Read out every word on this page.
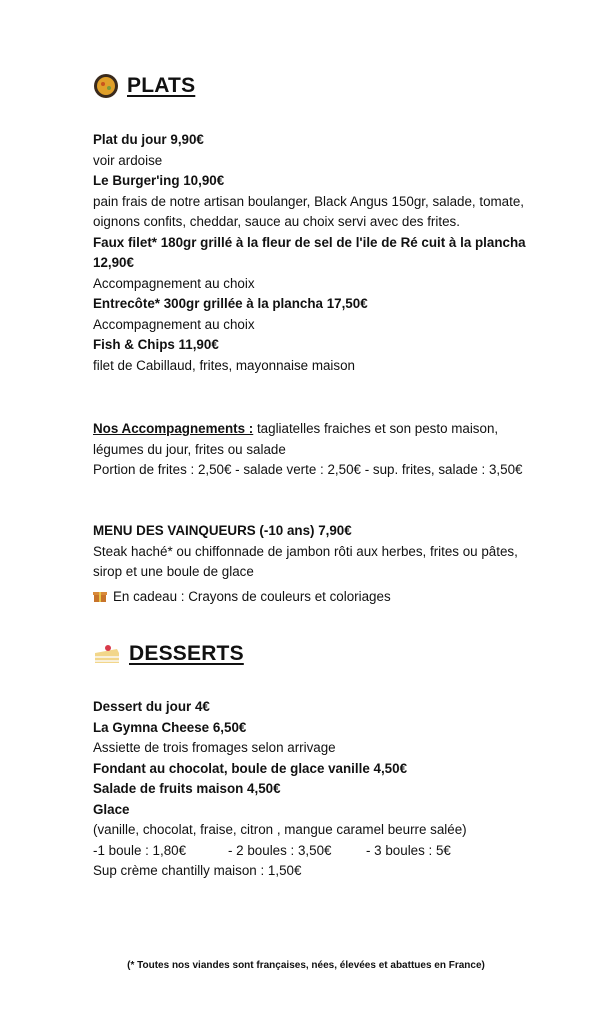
PLATS
Plat du jour 9,90€
voir ardoise
Le Burger'ing 10,90€
pain frais de notre artisan boulanger, Black Angus 150gr, salade, tomate, oignons confits, cheddar, sauce au choix servi avec des frites.
Faux filet* 180gr grillé à la fleur de sel de l'ile de Ré cuit à la plancha 12,90€
Accompagnement au choix
Entrecôte* 300gr grillée à la plancha 17,50€
Accompagnement au choix
Fish & Chips 11,90€
filet de Cabillaud, frites, mayonnaise maison
Nos Accompagnements : tagliatelles fraiches et son pesto maison, légumes du jour, frites ou salade
Portion de frites : 2,50€ - salade verte : 2,50€ - sup. frites, salade : 3,50€
MENU DES VAINQUEURS (-10 ans) 7,90€
Steak haché* ou chiffonnade de jambon rôti aux herbes, frites ou pâtes, sirop et une boule de glace
En cadeau : Crayons de couleurs et coloriages
DESSERTS
Dessert du jour 4€
La Gymna Cheese 6,50€
Assiette de trois fromages selon arrivage
Fondant au chocolat, boule de glace vanille 4,50€
Salade de fruits maison 4,50€
Glace
(vanille, chocolat, fraise, citron , mangue caramel beurre salée)
-1 boule : 1,80€	- 2 boules : 3,50€	- 3 boules : 5€
Sup crème chantilly maison : 1,50€
(* Toutes nos viandes sont françaises, nées, élevées et abattues en France)
